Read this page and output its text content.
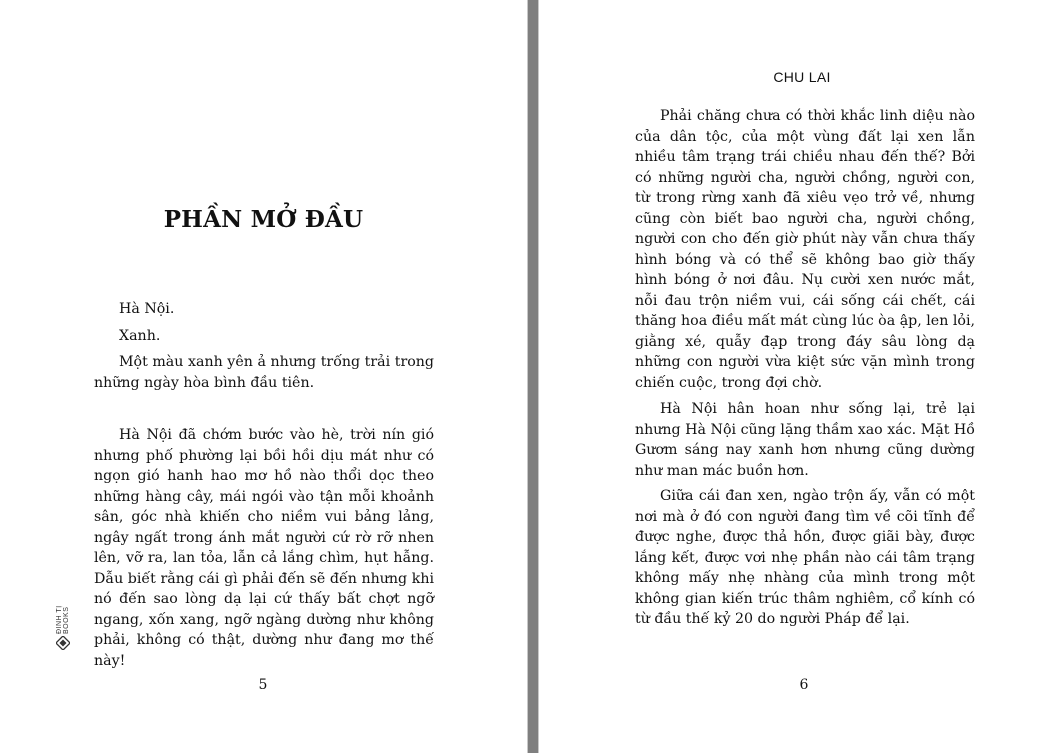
PHẦN MỞ ĐẦU

Hà Nội.

Xanh.

Một màu xanh yên ả nhưng trống trải trong những ngày hòa bình đầu tiên.

Hà Nội đã chớm bước vào hè, trời nín gió nhưng phố phường lại bồi hồi dịu mát như có ngọn gió hanh hao mơ hồ nào thổi dọc theo những hàng cây, mái ngói vào tận mỗi khoảnh sân, góc nhà khiến cho niềm vui bảng lảng, ngây ngất trong ánh mắt người cứ rờ rỡ nhen lên, vỡ ra, lan tỏa, lẫn cả lắng chìm, hụt hẫng. Dẫu biết rằng cái gì phải đến sẽ đến nhưng khi nó đến sao lòng dạ lại cứ thấy bất chợt ngỡ ngang, xốn xang, ngỡ ngàng dường như không phải, không có thật, dường như đang mơ thế này!

ĐINH TỊ BOOKS
5

CHU LAI

Phải chăng chưa có thời khắc linh diệu nào của dân tộc, của một vùng đất lại xen lẫn nhiều tâm trạng trái chiều nhau đến thế? Bởi có những người cha, người chồng, người con, từ trong rừng xanh đã xiêu vẹo trở về, nhưng cũng còn biết bao người cha, người chồng, người con cho đến giờ phút này vẫn chưa thấy hình bóng và có thể sẽ không bao giờ thấy hình bóng ở nơi đâu. Nụ cười xen nước mắt, nỗi đau trộn niềm vui, cái sống cái chết, cái thăng hoa điều mất mát cùng lúc òa ập, len lỏi, giằng xé, quẫy đạp trong đáy sâu lòng dạ những con người vừa kiệt sức vặn mình trong chiến cuộc, trong đợi chờ.

Hà Nội hân hoan như sống lại, trẻ lại nhưng Hà Nội cũng lặng thầm xao xác. Mặt Hồ Gươm sáng nay xanh hơn nhưng cũng dường như man mác buồn hơn.

Giữa cái đan xen, ngào trộn ấy, vẫn có một nơi mà ở đó con người đang tìm về cõi tĩnh để được nghe, được thả hồn, được giãi bày, được lắng kết, được vơi nhẹ phần nào cái tâm trạng không mấy nhẹ nhàng của mình trong một không gian kiến trúc thâm nghiêm, cổ kính có từ đầu thế kỷ 20 do người Pháp để lại.

6
